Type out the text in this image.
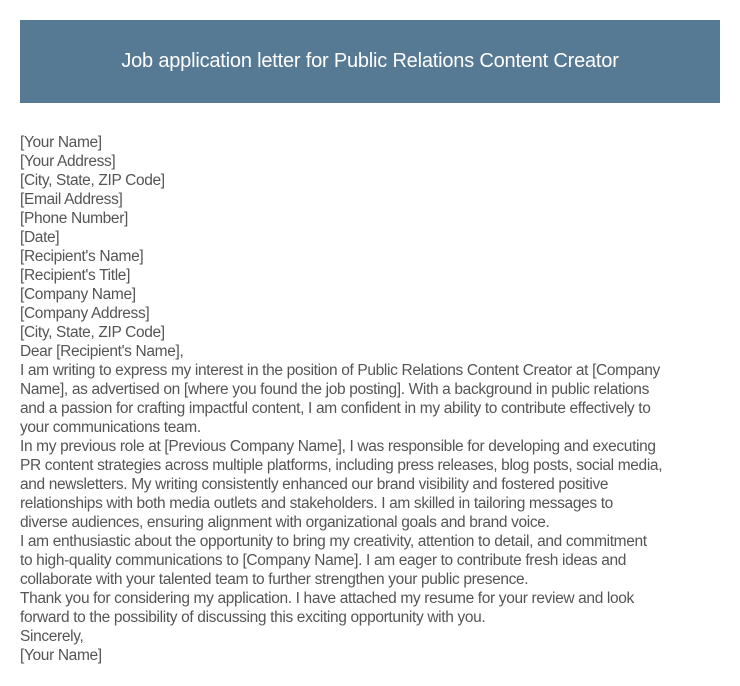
Job application letter for Public Relations Content Creator
[Your Name]
[Your Address]
[City, State, ZIP Code]
[Email Address]
[Phone Number]
[Date]
[Recipient's Name]
[Recipient's Title]
[Company Name]
[Company Address]
[City, State, ZIP Code]
Dear [Recipient's Name],
I am writing to express my interest in the position of Public Relations Content Creator at [Company
Name], as advertised on [where you found the job posting]. With a background in public relations
and a passion for crafting impactful content, I am confident in my ability to contribute effectively to
your communications team.
In my previous role at [Previous Company Name], I was responsible for developing and executing
PR content strategies across multiple platforms, including press releases, blog posts, social media,
and newsletters. My writing consistently enhanced our brand visibility and fostered positive
relationships with both media outlets and stakeholders. I am skilled in tailoring messages to
diverse audiences, ensuring alignment with organizational goals and brand voice.
I am enthusiastic about the opportunity to bring my creativity, attention to detail, and commitment
to high-quality communications to [Company Name]. I am eager to contribute fresh ideas and
collaborate with your talented team to further strengthen your public presence.
Thank you for considering my application. I have attached my resume for your review and look
forward to the possibility of discussing this exciting opportunity with you.
Sincerely,
[Your Name]
